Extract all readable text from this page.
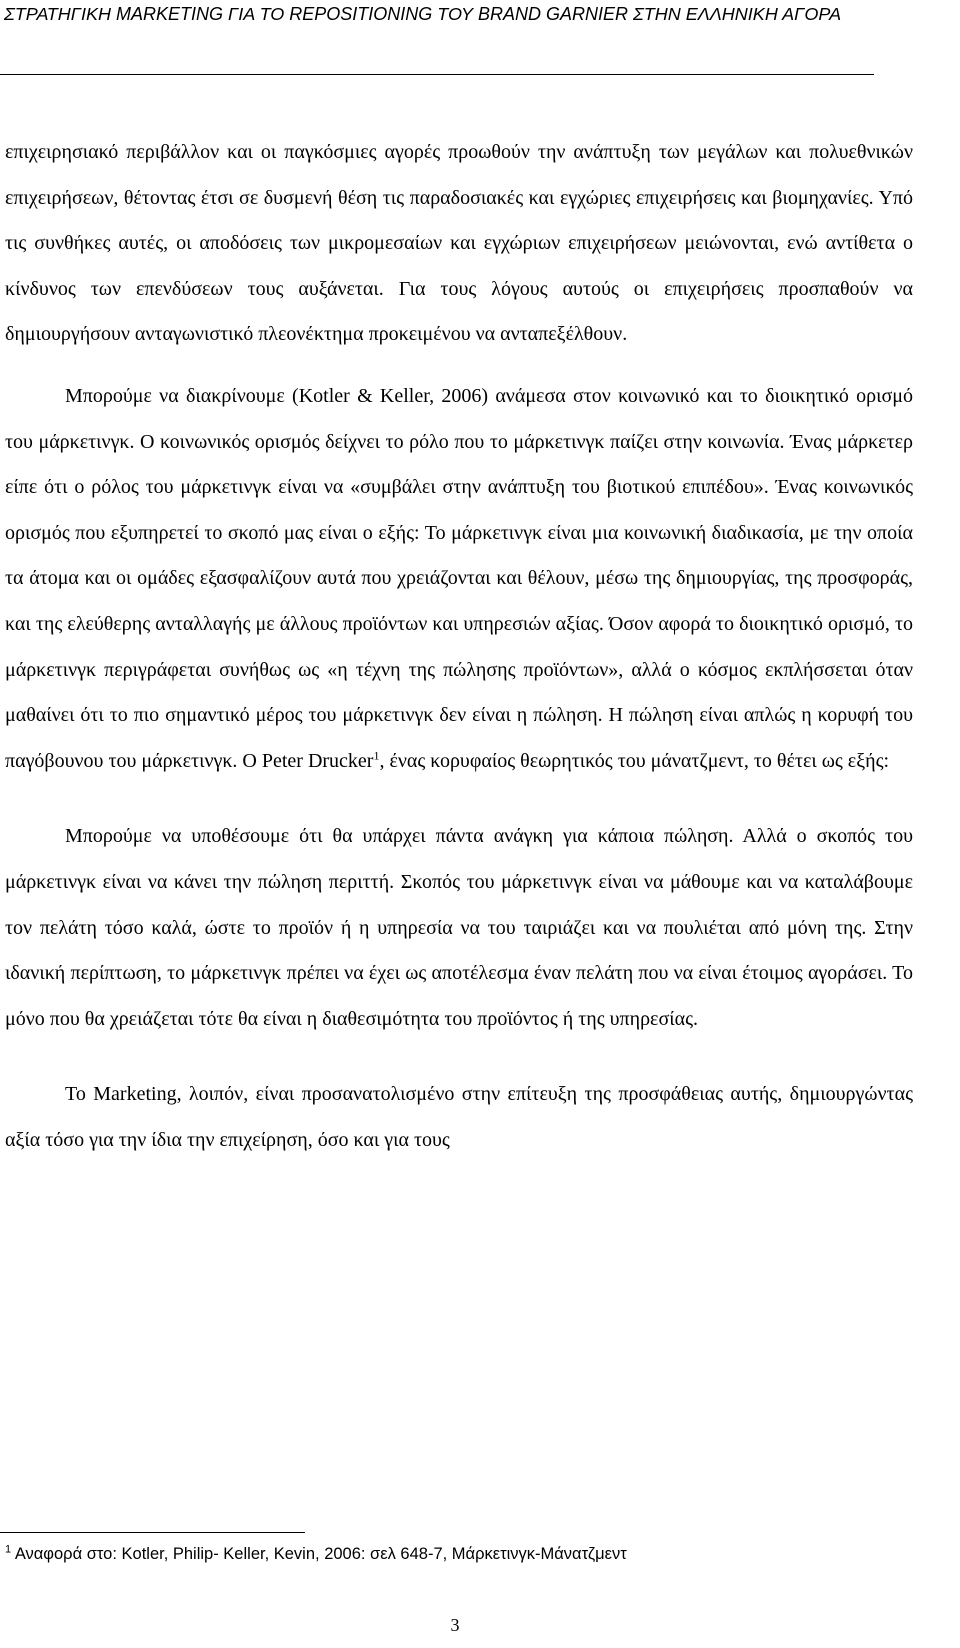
ΣΤΡΑΤΗΓΙΚΗ MARKETING ΓΙΑ ΤΟ REPOSITIONING ΤΟΥ BRAND GARNIER ΣΤΗΝ ΕΛΛΗΝΙΚΗ ΑΓΟΡΑ

επιχειρησιακό περιβάλλον και οι παγκόσμιες αγορές προωθούν την ανάπτυξη των μεγάλων και πολυεθνικών επιχειρήσεων, θέτοντας έτσι σε δυσμενή θέση τις παραδοσιακές και εγχώριες επιχειρήσεις και βιομηχανίες. Υπό τις συνθήκες αυτές, οι αποδόσεις των μικρομεσαίων και εγχώριων επιχειρήσεων μειώνονται, ενώ αντίθετα ο κίνδυνος των επενδύσεων τους αυξάνεται. Για τους λόγους αυτούς οι επιχειρήσεις προσπαθούν να δημιουργήσουν ανταγωνιστικό πλεονέκτημα προκειμένου να ανταπεξέλθουν.

Μπορούμε να διακρίνουμε (Kotler & Keller, 2006) ανάμεσα στον κοινωνικό και το διοικητικό ορισμό του μάρκετινγκ. Ο κοινωνικός ορισμός δείχνει το ρόλο που το μάρκετινγκ παίζει στην κοινωνία. Ένας μάρκετερ είπε ότι ο ρόλος του μάρκετινγκ είναι να «συμβάλει στην ανάπτυξη του βιοτικού επιπέδου». Ένας κοινωνικός ορισμός που εξυπηρετεί το σκοπό μας είναι ο εξής: Το μάρκετινγκ είναι μια κοινωνική διαδικασία, με την οποία τα άτομα και οι ομάδες εξασφαλίζουν αυτά που χρειάζονται και θέλουν, μέσω της δημιουργίας, της προσφοράς, και της ελεύθερης ανταλλαγής με άλλους προϊόντων και υπηρεσιών αξίας. Όσον αφορά το διοικητικό ορισμό, το μάρκετινγκ περιγράφεται συνήθως ως «η τέχνη της πώλησης προϊόντων», αλλά ο κόσμος εκπλήσσεται όταν μαθαίνει ότι το πιο σημαντικό μέρος του μάρκετινγκ δεν είναι η πώληση. Η πώληση είναι απλώς η κορυφή του παγόβουνου του μάρκετινγκ. Ο Peter Drucker$^1$, ένας κορυφαίος θεωρητικός του μάνατζμεντ, το θέτει ως εξής:

Μπορούμε να υποθέσουμε ότι θα υπάρχει πάντα ανάγκη για κάποια πώληση. Αλλά ο σκοπός του μάρκετινγκ είναι να κάνει την πώληση περιττή. Σκοπός του μάρκετινγκ είναι να μάθουμε και να καταλάβουμε τον πελάτη τόσο καλά, ώστε το προϊόν ή η υπηρεσία να του ταιριάζει και να πουλιέται από μόνη της. Στην ιδανική περίπτωση, το μάρκετινγκ πρέπει να έχει ως αποτέλεσμα έναν πελάτη που να είναι έτοιμος αγοράσει. Το μόνο που θα χρειάζεται τότε θα είναι η διαθεσιμότητα του προϊόντος ή της υπηρεσίας.

Το Marketing, λοιπόν, είναι προσανατολισμένο στην επίτευξη της προσφάθειας αυτής, δημιουργώντας αξία τόσο για την ίδια την επιχείρηση, όσο και για τους

$^1$ Αναφορά στο: Kotler, Philip- Keller, Kevin, 2006: σελ 648-7, Μάρκετινγκ-Μάνατζμεντ
3
